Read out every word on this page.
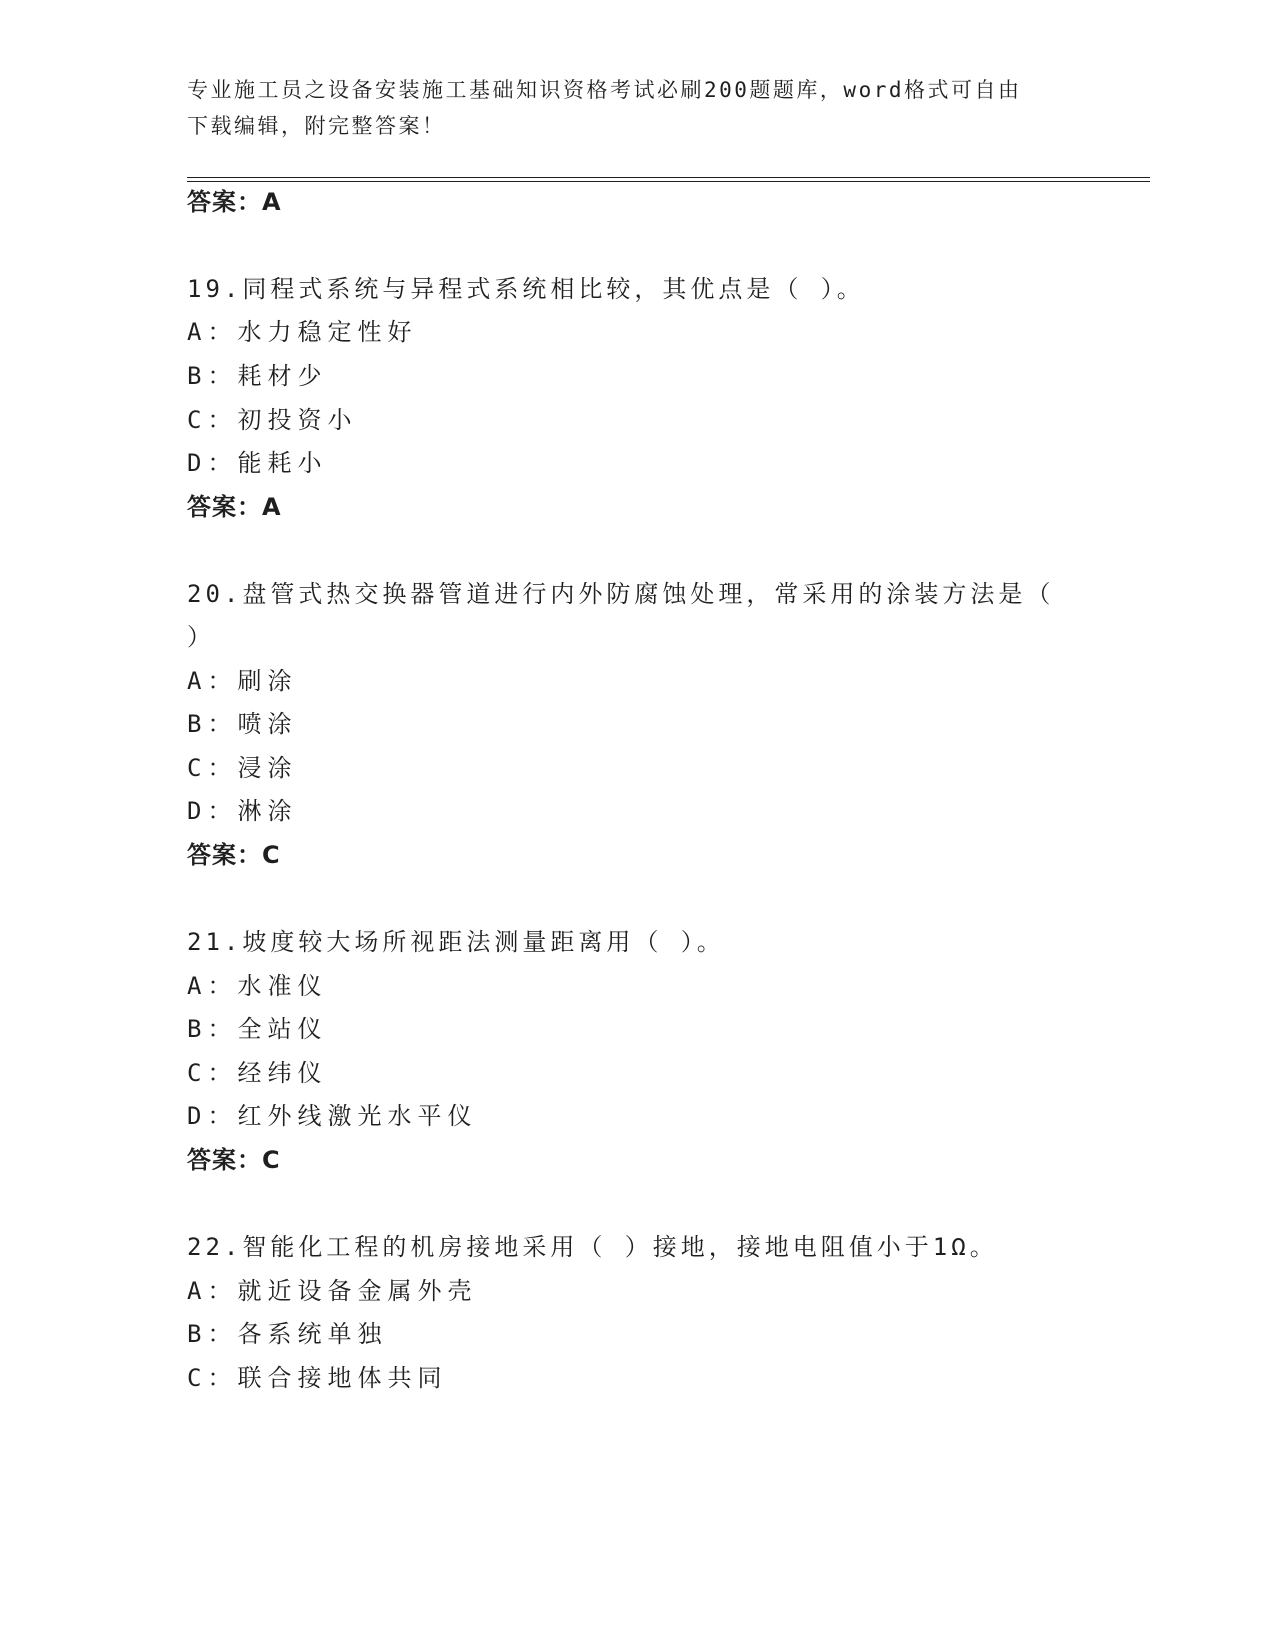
专业施工员之设备安装施工基础知识资格考试必刷200题题库，word格式可自由
下载编辑，附完整答案！
答案：A
19.同程式系统与异程式系统相比较，其优点是（ ）。
A：水力稳定性好
B：耗材少
C：初投资小
D：能耗小
答案：A
20.盘管式热交换器管道进行内外防腐蚀处理，常采用的涂装方法是（
）
A：刷涂
B：喷涂
C：浸涂
D：淋涂
答案：C
21.坡度较大场所视距法测量距离用（ ）。
A：水准仪
B：全站仪
C：经纬仪
D：红外线激光水平仪
答案：C
22.智能化工程的机房接地采用（ ）接地，接地电阻值小于1Ω。
A：就近设备金属外壳
B：各系统单独
C：联合接地体共同
